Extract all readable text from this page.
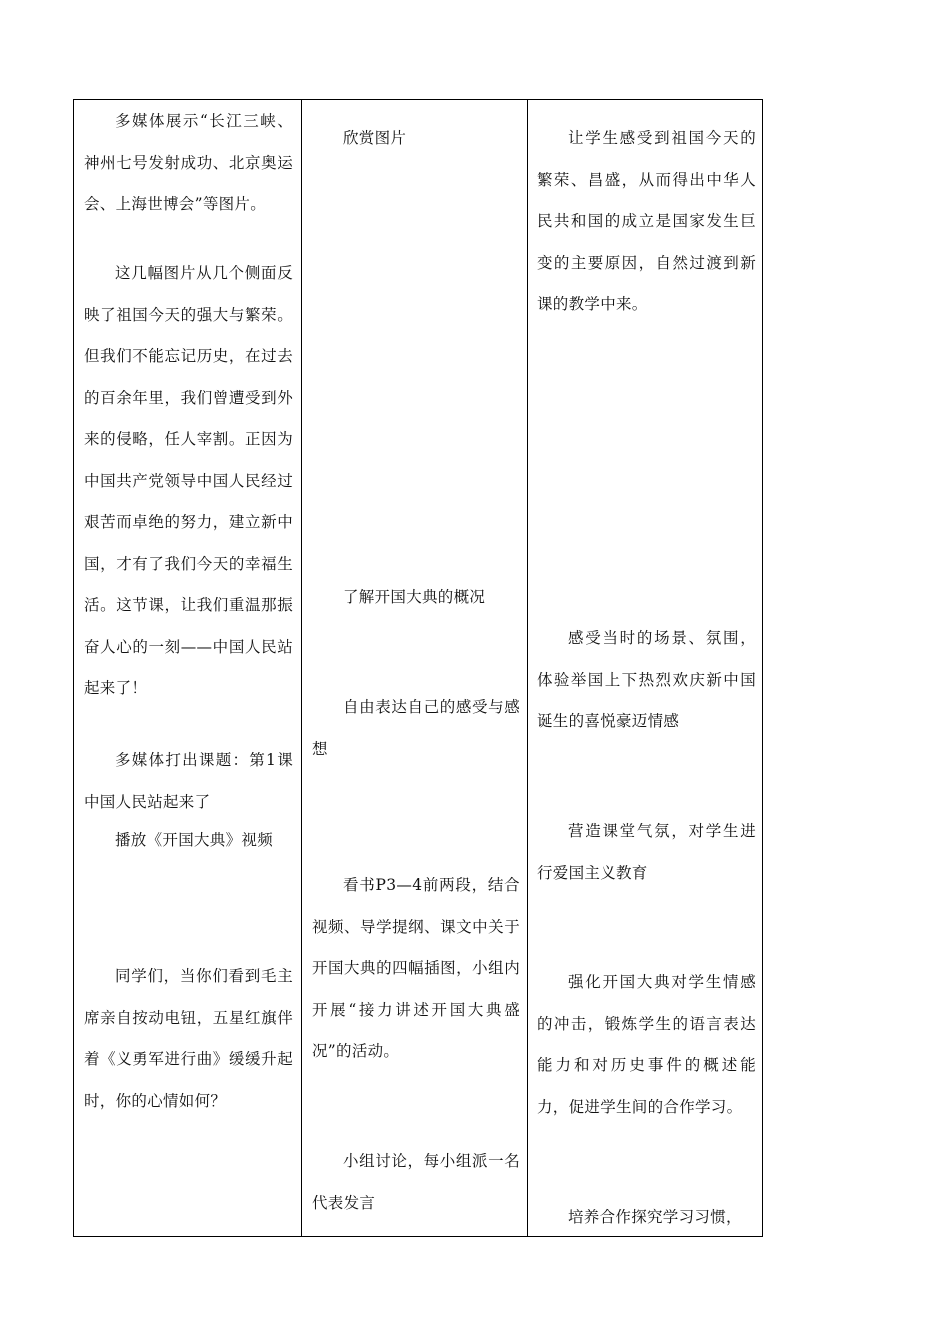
多媒体展示“长江三峡、神州七号发射成功、北京奥运会、上海世博会”等图片。

这几幅图片从几个侧面反映了祖国今天的强大与繁荣。但我们不能忘记历史，在过去的百余年里，我们曾遭受到外来的侵略，任人宰割。正因为中国共产党领导中国人民经过艰苦而卓绝的努力，建立新中国，才有了我们今天的幸福生活。这节课，让我们重温那振奋人心的一刻——中国人民站起来了！

多媒体打出课题：第1课中国人民站起来了

播放《开国大典》视频

同学们，当你们看到毛主席亲自按动电钮，五星红旗伴着《义勇军进行曲》缓缓升起时，你的心情如何？

欣赏图片

了解开国大典的概况

自由表达自己的感受与感想

看书P3—4前两段，结合视频、导学提纲、课文中关于开国大典的四幅插图，小组内开展“接力讲述开国大典盛况”的活动。

小组讨论，每小组派一名代表发言

让学生感受到祖国今天的繁荣、昌盛，从而得出中华人民共和国的成立是国家发生巨变的主要原因，自然过渡到新课的教学中来。

感受当时的场景、氛围，体验举国上下热烈欢庆新中国诞生的喜悦豪迈情感

营造课堂气氛，对学生进行爱国主义教育

强化开国大典对学生情感的冲击，锻炼学生的语言表达能力和对历史事件的概述能力，促进学生间的合作学习。

培养合作探究学习习惯，
